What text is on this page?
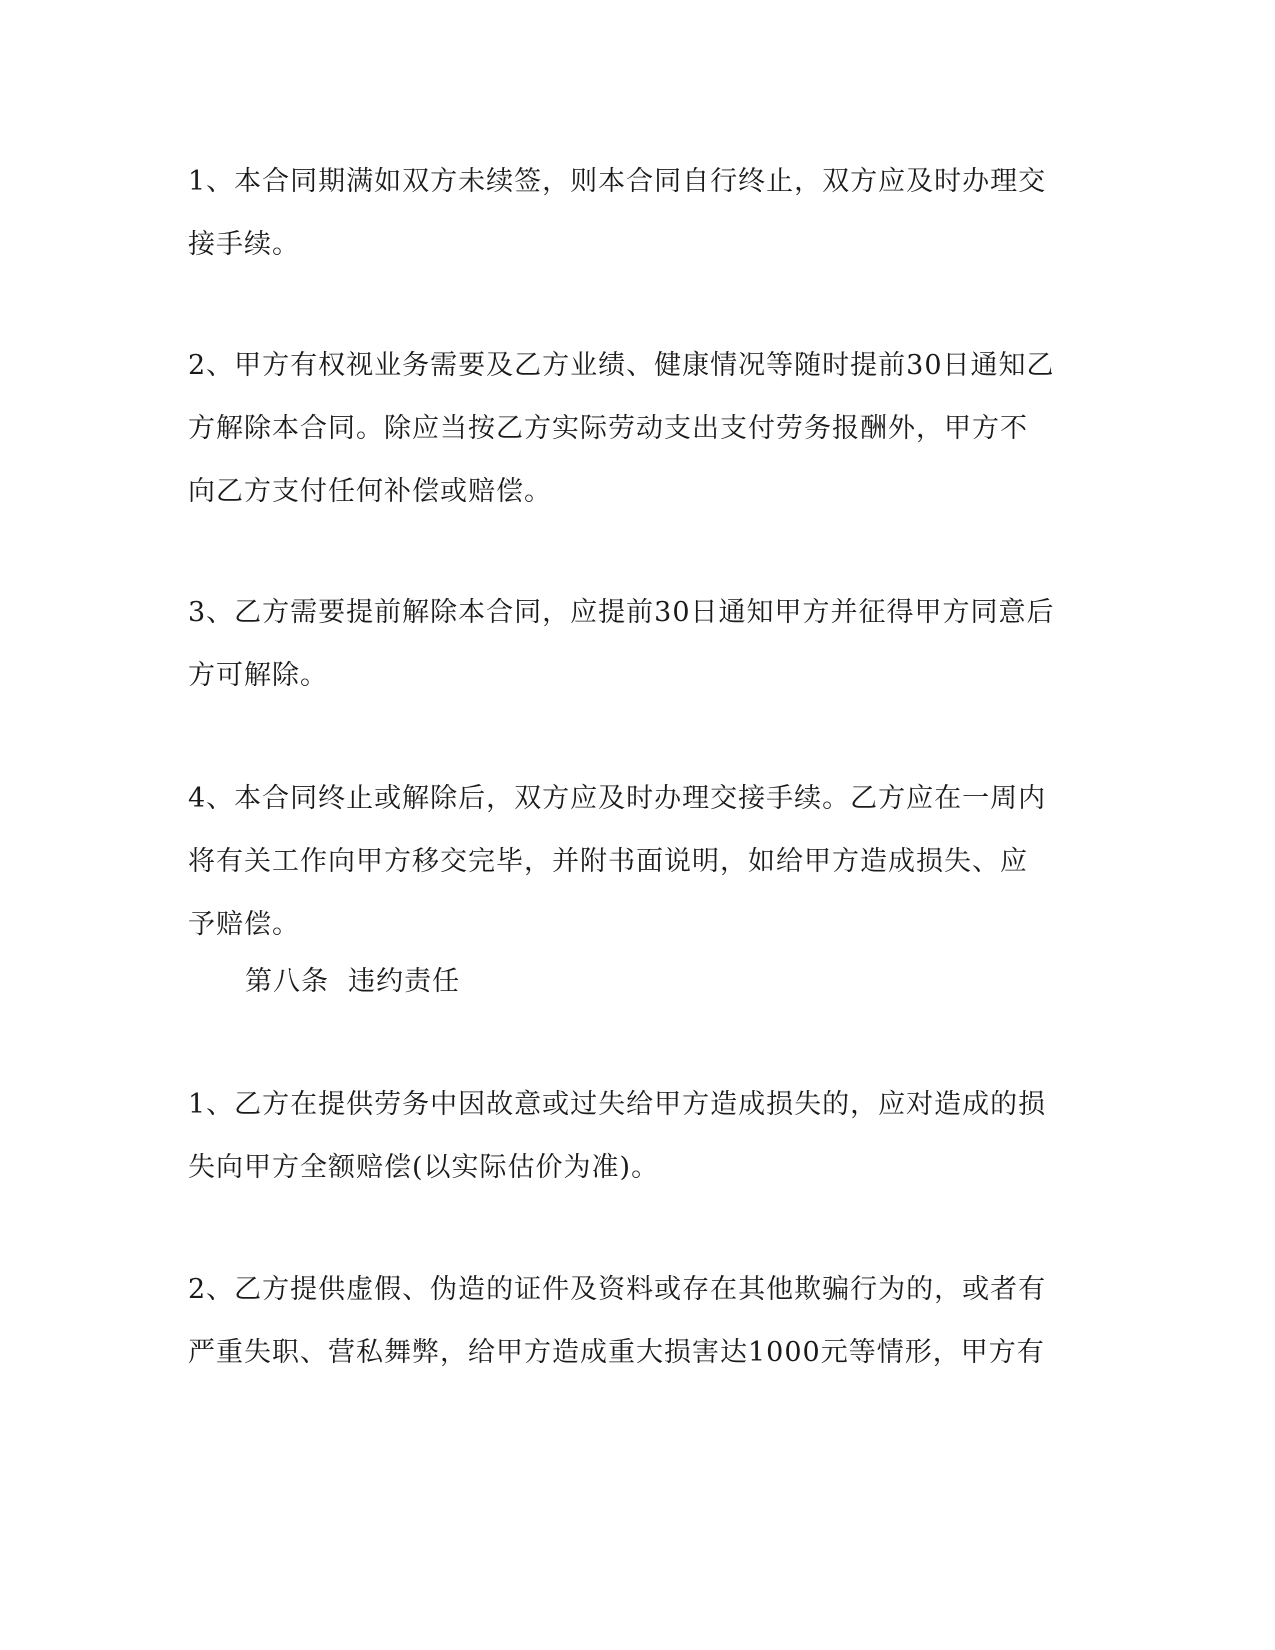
1、本合同期满如双方未续签，则本合同自行终止，双方应及时办理交
接手续。

2、甲方有权视业务需要及乙方业绩、健康情况等随时提前30日通知乙
方解除本合同。除应当按乙方实际劳动支出支付劳务报酬外，甲方不
向乙方支付任何补偿或赔偿。

3、乙方需要提前解除本合同，应提前30日通知甲方并征得甲方同意后
方可解除。

4、本合同终止或解除后，双方应及时办理交接手续。乙方应在一周内
将有关工作向甲方移交完毕，并附书面说明，如给甲方造成损失、应
予赔偿。

第八条  违约责任

1、乙方在提供劳务中因故意或过失给甲方造成损失的，应对造成的损
失向甲方全额赔偿(以实际估价为准)。

2、乙方提供虚假、伪造的证件及资料或存在其他欺骗行为的，或者有
严重失职、营私舞弊，给甲方造成重大损害达1000元等情形，甲方有
